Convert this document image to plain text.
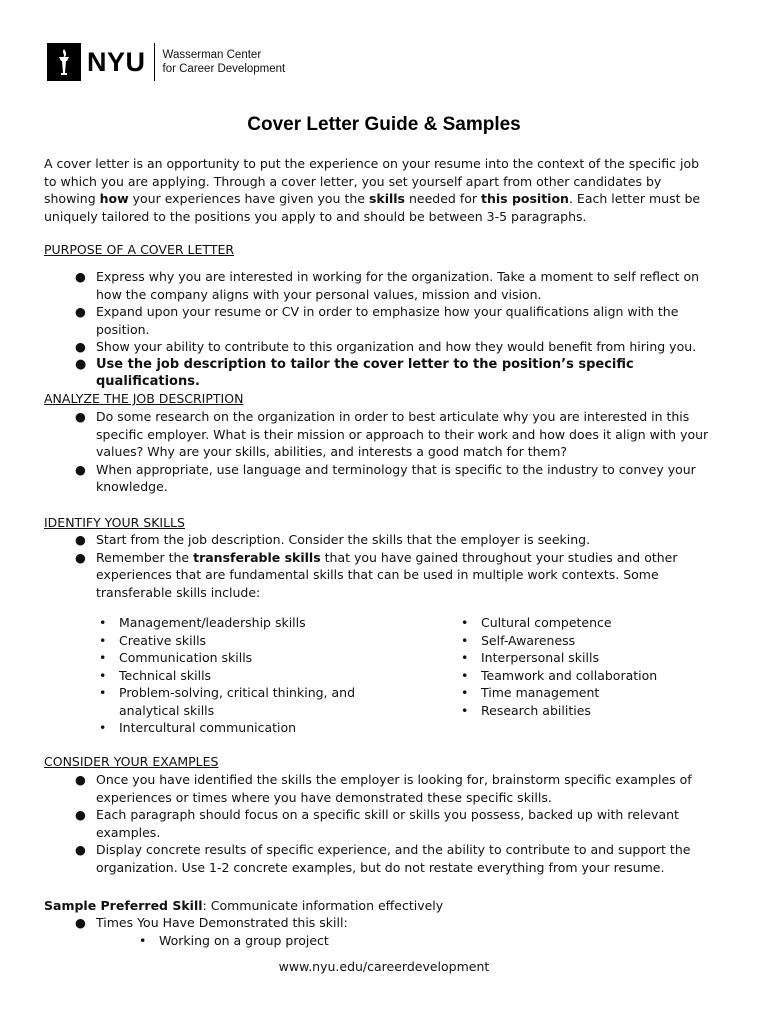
NYU Wasserman Center
for Career Development
Cover Letter Guide & Samples
A cover letter is an opportunity to put the experience on your resume into the context of the specific job to which you are applying. Through a cover letter, you set yourself apart from other candidates by showing how your experiences have given you the skills needed for this position. Each letter must be uniquely tailored to the positions you apply to and should be between 3-5 paragraphs.
PURPOSE OF A COVER LETTER
● Express why you are interested in working for the organization. Take a moment to self reflect on how the company aligns with your personal values, mission and vision.
● Expand upon your resume or CV in order to emphasize how your qualifications align with the position.
● Show your ability to contribute to this organization and how they would benefit from hiring you.
● Use the job description to tailor the cover letter to the position’s specific qualifications.
ANALYZE THE JOB DESCRIPTION
● Do some research on the organization in order to best articulate why you are interested in this specific employer. What is their mission or approach to their work and how does it align with your values? Why are your skills, abilities, and interests a good match for them?
● When appropriate, use language and terminology that is specific to the industry to convey your knowledge.
IDENTIFY YOUR SKILLS
● Start from the job description. Consider the skills that the employer is seeking.
● Remember the transferable skills that you have gained throughout your studies and other experiences that are fundamental skills that can be used in multiple work contexts. Some transferable skills include:
• Management/leadership skills
• Creative skills
• Communication skills
• Technical skills
• Problem-solving, critical thinking, and analytical skills
• Intercultural communication
• Cultural competence
• Self-Awareness
• Interpersonal skills
• Teamwork and collaboration
• Time management
• Research abilities
CONSIDER YOUR EXAMPLES
● Once you have identified the skills the employer is looking for, brainstorm specific examples of experiences or times where you have demonstrated these specific skills.
● Each paragraph should focus on a specific skill or skills you possess, backed up with relevant examples.
● Display concrete results of specific experience, and the ability to contribute to and support the organization. Use 1-2 concrete examples, but do not restate everything from your resume.
Sample Preferred Skill: Communicate information effectively
● Times You Have Demonstrated this skill:
• Working on a group project
www.nyu.edu/careerdevelopment
